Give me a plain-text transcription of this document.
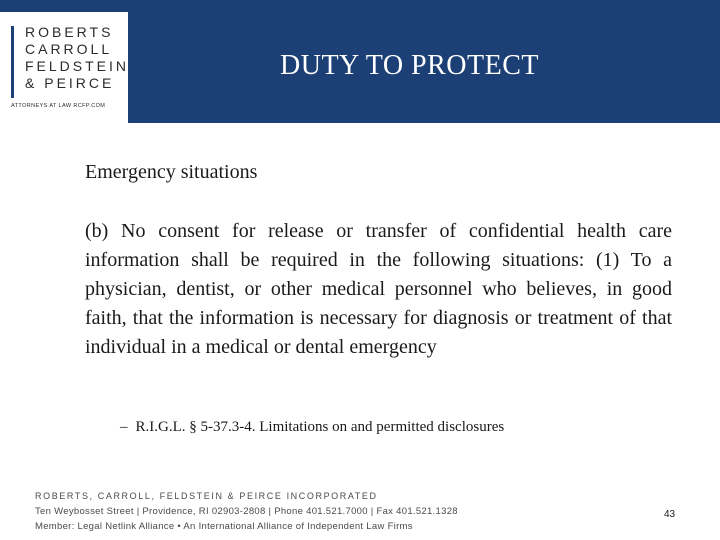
ROBERTS
CARROLL
FELDSTEIN
& PEIRCE
ATTORNEYS AT LAW RCFP.COM
DUTY TO PROTECT
Emergency situations
(b) No consent for release or transfer of confidential health care information shall be required in the following situations: (1) To a physician, dentist, or other medical personnel who believes, in good faith, that the information is necessary for diagnosis or treatment of that individual in a medical or dental emergency
– R.I.G.L. § 5-37.3-4. Limitations on and permitted disclosures
ROBERTS, CARROLL, FELDSTEIN & PEIRCE INCORPORATED
Ten Weybosset Street | Providence, RI 02903-2808 | Phone 401.521.7000 | Fax 401.521.1328
Member: Legal Netlink Alliance • An International Alliance of Independent Law Firms
43
